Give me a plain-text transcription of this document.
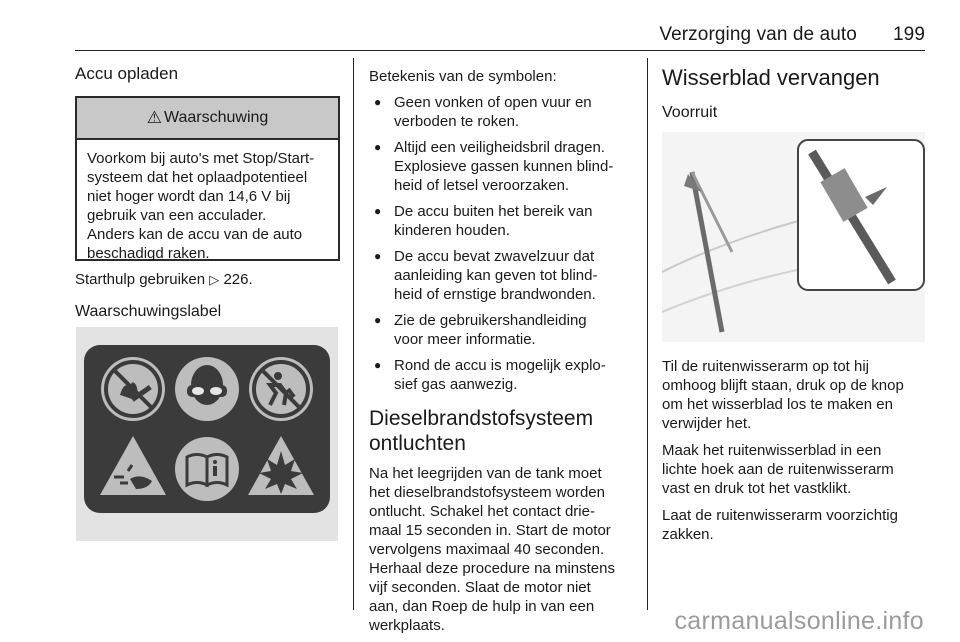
Verzorging van de auto 199
Accu opladen
⚠ Waarschuwing
Voorkom bij auto's met Stop/Start-
systeem dat het oplaadpotentieel
niet hoger wordt dan 14,6 V bij
gebruik van een acculader.
Anders kan de accu van de auto
beschadigd raken.
Starthulp gebruiken ▷ 226.
Waarschuwingslabel
Betekenis van de symbolen:
● Geen vonken of open vuur en
verboden te roken.
● Altijd een veiligheidsbril dragen.
Explosieve gassen kunnen blind-
heid of letsel veroorzaken.
● De accu buiten het bereik van
kinderen houden.
● De accu bevat zwavelzuur dat
aanleiding kan geven tot blind-
heid of ernstige brandwonden.
● Zie de gebruikershandleiding
voor meer informatie.
● Rond de accu is mogelijk explo-
sief gas aanwezig.
Dieselbrandstofsysteem
ontluchten
Na het leegrijden van de tank moet
het dieselbrandstofsysteem worden
ontlucht. Schakel het contact drie-
maal 15 seconden in. Start de motor
vervolgens maximaal 40 seconden.
Herhaal deze procedure na minstens
vijf seconden. Slaat de motor niet
aan, dan Roep de hulp in van een
werkplaats.
Wisserblad vervangen
Voorruit
Til de ruitenwisserarm op tot hij
omhoog blijft staan, druk op de knop
om het wisserblad los te maken en
verwijder het.
Maak het ruitenwisserblad in een
lichte hoek aan de ruitenwisserarm
vast en druk tot het vastklikt.
Laat de ruitenwisserarm voorzichtig
zakken.
carmanualsonline.info
